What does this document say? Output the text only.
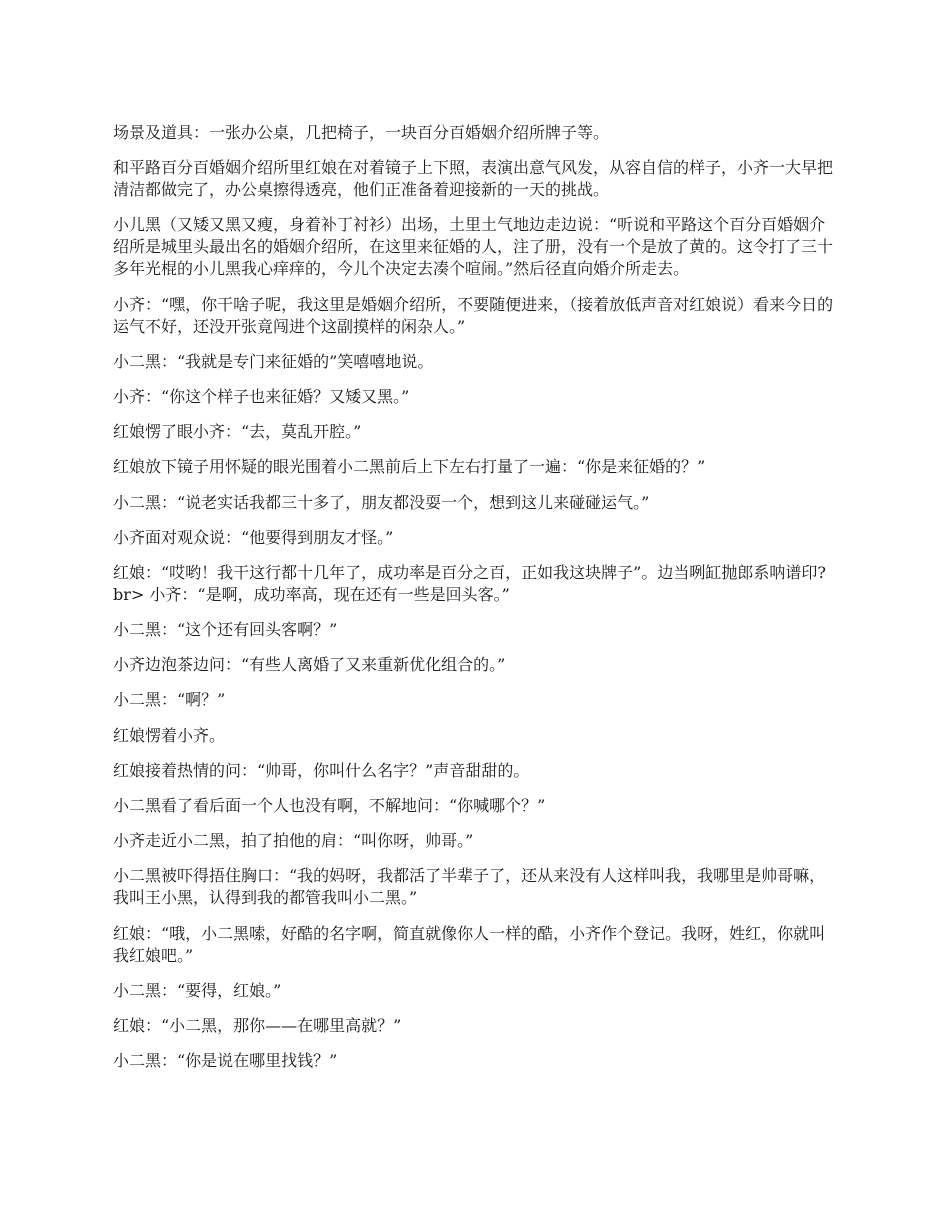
场景及道具：一张办公桌，几把椅子，一块百分百婚姻介绍所牌子等。

和平路百分百婚姻介绍所里红娘在对着镜子上下照，表演出意气风发，从容自信的样子，小齐一大早把清洁都做完了，办公桌擦得透亮，他们正准备着迎接新的一天的挑战。

小儿黑（又矮又黑又瘦，身着补丁衬衫）出场，土里土气地边走边说：“听说和平路这个百分百婚姻介绍所是城里头最出名的婚姻介绍所，在这里来征婚的人，注了册，没有一个是放了黄的。这令打了三十多年光棍的小儿黑我心痒痒的，今儿个决定去凑个喧闹。”然后径直向婚介所走去。

小齐：“嘿，你干啥子呢，我这里是婚姻介绍所，不要随便进来，（接着放低声音对红娘说）看来今日的运气不好，还没开张竟闯进个这副摸样的闲杂人。”

小二黑：“我就是专门来征婚的”笑嘻嘻地说。

小齐：“你这个样子也来征婚？又矮又黑。”

红娘愣了眼小齐：“去，莫乱开腔。”

红娘放下镜子用怀疑的眼光围着小二黑前后上下左右打量了一遍：“你是来征婚的？”

小二黑：“说老实话我都三十多了，朋友都没耍一个，想到这儿来碰碰运气。”

小齐面对观众说：“他要得到朋友才怪。”

红娘：“哎哟！我干这行都十几年了，成功率是百分之百，正如我这块牌子”。边当咧缸抛郎系呐谱印?br> 小齐：“是啊，成功率高，现在还有一些是回头客。”

小二黑：“这个还有回头客啊？”

小齐边泡茶边问：“有些人离婚了又来重新优化组合的。”

小二黑：“啊？”

红娘愣着小齐。

红娘接着热情的问：“帅哥，你叫什么名字？”声音甜甜的。

小二黑看了看后面一个人也没有啊，不解地问：“你喊哪个？”

小齐走近小二黑，拍了拍他的肩：“叫你呀，帅哥。”

小二黑被吓得捂住胸口：“我的妈呀，我都活了半辈子了，还从来没有人这样叫我，我哪里是帅哥嘛，我叫王小黑，认得到我的都管我叫小二黑。”

红娘：“哦，小二黑嗦，好酷的名字啊，简直就像你人一样的酷，小齐作个登记。我呀，姓红，你就叫我红娘吧。”

小二黑：“要得，红娘。”

红娘：“小二黑，那你——在哪里高就？”

小二黑：“你是说在哪里找钱？”
